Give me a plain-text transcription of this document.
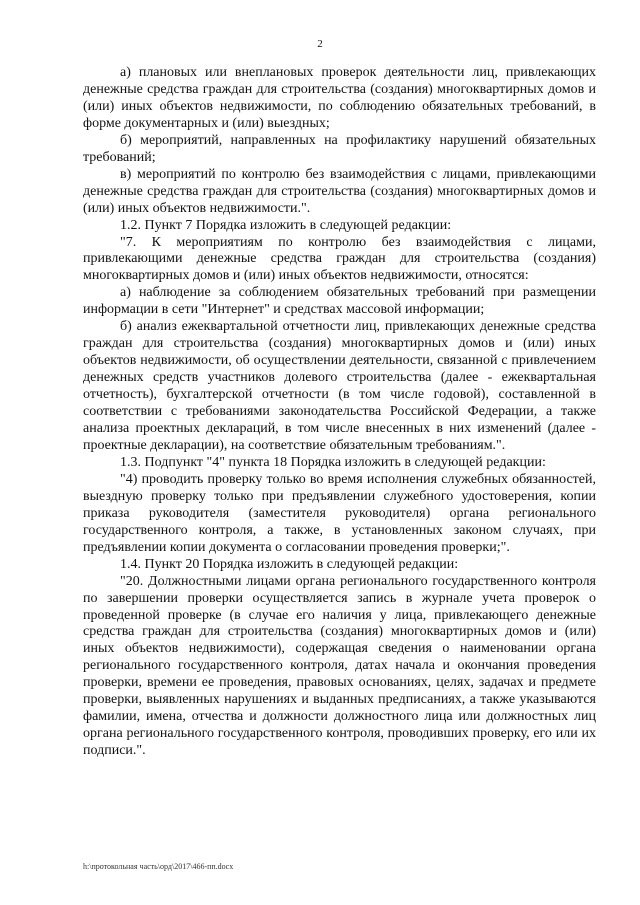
2

а) плановых или внеплановых проверок деятельности лиц, привлекающих денежные средства граждан для строительства (создания) многоквартирных домов и (или) иных объектов недвижимости, по соблюдению обязательных требований, в форме документарных и (или) выездных;

б) мероприятий, направленных на профилактику нарушений обязательных требований;

в) мероприятий по контролю без взаимодействия с лицами, привлекающими денежные средства граждан для строительства (создания) многоквартирных домов и (или) иных объектов недвижимости.".

1.2. Пункт 7 Порядка изложить в следующей редакции:

"7. К мероприятиям по контролю без взаимодействия с лицами, привлекающими денежные средства граждан для строительства (создания) многоквартирных домов и (или) иных объектов недвижимости, относятся:

а) наблюдение за соблюдением обязательных требований при размещении информации в сети "Интернет" и средствах массовой информации;

б) анализ ежеквартальной отчетности лиц, привлекающих денежные средства граждан для строительства (создания) многоквартирных домов и (или) иных объектов недвижимости, об осуществлении деятельности, связанной с привлечением денежных средств участников долевого строительства (далее - ежеквартальная отчетность), бухгалтерской отчетности (в том числе годовой), составленной в соответствии с требованиями законодательства Российской Федерации, а также анализа проектных деклараций, в том числе внесенных в них изменений (далее - проектные декларации), на соответствие обязательным требованиям.".

1.3. Подпункт "4" пункта 18 Порядка изложить в следующей редакции:

"4) проводить проверку только во время исполнения служебных обязанностей, выездную проверку только при предъявлении служебного удостоверения, копии приказа руководителя (заместителя руководителя) органа регионального государственного контроля, а также, в установленных законом случаях, при предъявлении копии документа о согласовании проведения проверки;".

1.4. Пункт 20 Порядка изложить в следующей редакции:

"20. Должностными лицами органа регионального государственного контроля по завершении проверки осуществляется запись в журнале учета проверок о проведенной проверке (в случае его наличия у лица, привлекающего денежные средства граждан для строительства (создания) многоквартирных домов и (или) иных объектов недвижимости), содержащая сведения о наименовании органа регионального государственного контроля, датах начала и окончания проведения проверки, времени ее проведения, правовых основаниях, целях, задачах и предмете проверки, выявленных нарушениях и выданных предписаниях, а также указываются фамилии, имена, отчества и должности должностного лица или должностных лиц органа регионального государственного контроля, проводивших проверку, его или их подписи.".

h:\протокольная часть\орд\2017\466-пп.docx
